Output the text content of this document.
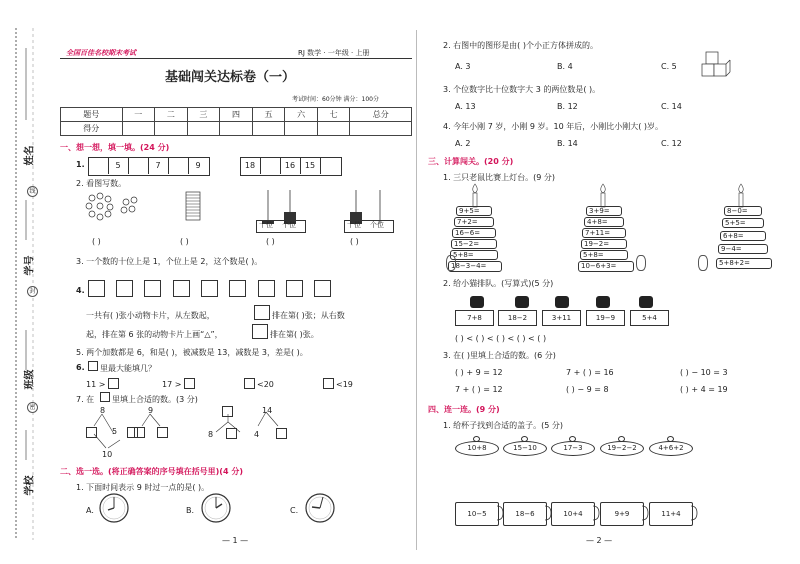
姓名
学号
班级
学校
线
封
密
全国百佳名校期末考试	RJ 数学 · 一年级 · 上册
基础闯关达标卷（一）
考试时间：60分钟 满分：100分
题号	一	二	三	四	五	六	七	总分
得分								
一、想一想，填一填。(24 分)
1.	5	7	9	18	16	15
2. 看图写数。
十位 个位	十位 个位
( )	( )	( )	( )
3. 一个数的十位上是 1，个位上是 2，这个数是( )。
4.
一共有( )张小动物卡片，从左数起，	排在第( )张；从右数
起，排在第 6 张的动物卡片上画“△”，	排在第( )张。
5. 两个加数都是 6，和是( )，被减数是 13，减数是 3，差是( )。
6. 里最大能填几？
11 >	17 >	<20	<19
7. 在 里填上合适的数。(3 分)
8
5
10
9
8
14
4
二、选一选。(将正确答案的序号填在括号里)(4 分)
1. 下面时间表示 9 时过一点的是( )。
A.	B.	C.
— 1 —
2. 右图中的图形是由( )个小正方体拼成的。
A. 3	B. 4	C. 5
3. 个位数字比十位数字大 3 的两位数是( )。
A. 13	B. 12	C. 14
4. 今年小刚 7 岁，小刚 9 岁。10 年后，小刚比小刚大( )岁。
A. 2	B. 14	C. 12
三、计算闯关。(20 分)
1. 三只老鼠比赛上灯台。(9 分)
9+5=
7+2=
16−6=
15−2=
5+8=
18−3−4=
3+9=
4+8=
7+11=
19−2=
5+8=
10−6+3=
8−0=
5+5=
6+8=
9−4=
5+8+2=
2. 给小猫排队。(写算式)(5 分)
7+8	18−2	3+11	19−9	5+4
( ) < ( ) < ( ) < ( ) < ( )
3. 在( )里填上合适的数。(6 分)
( ) + 9 = 12	7 + ( ) = 16	( ) − 10 = 3
7 + ( ) = 12	( ) − 9 = 8	( ) + 4 = 19
四、连一连。(9 分)
1. 给杯子找到合适的盖子。(5 分)
10+8	15−10	17−3	19−2−2	4+6+2
10−5	18−6	10+4	9+9	11+4
— 2 —
